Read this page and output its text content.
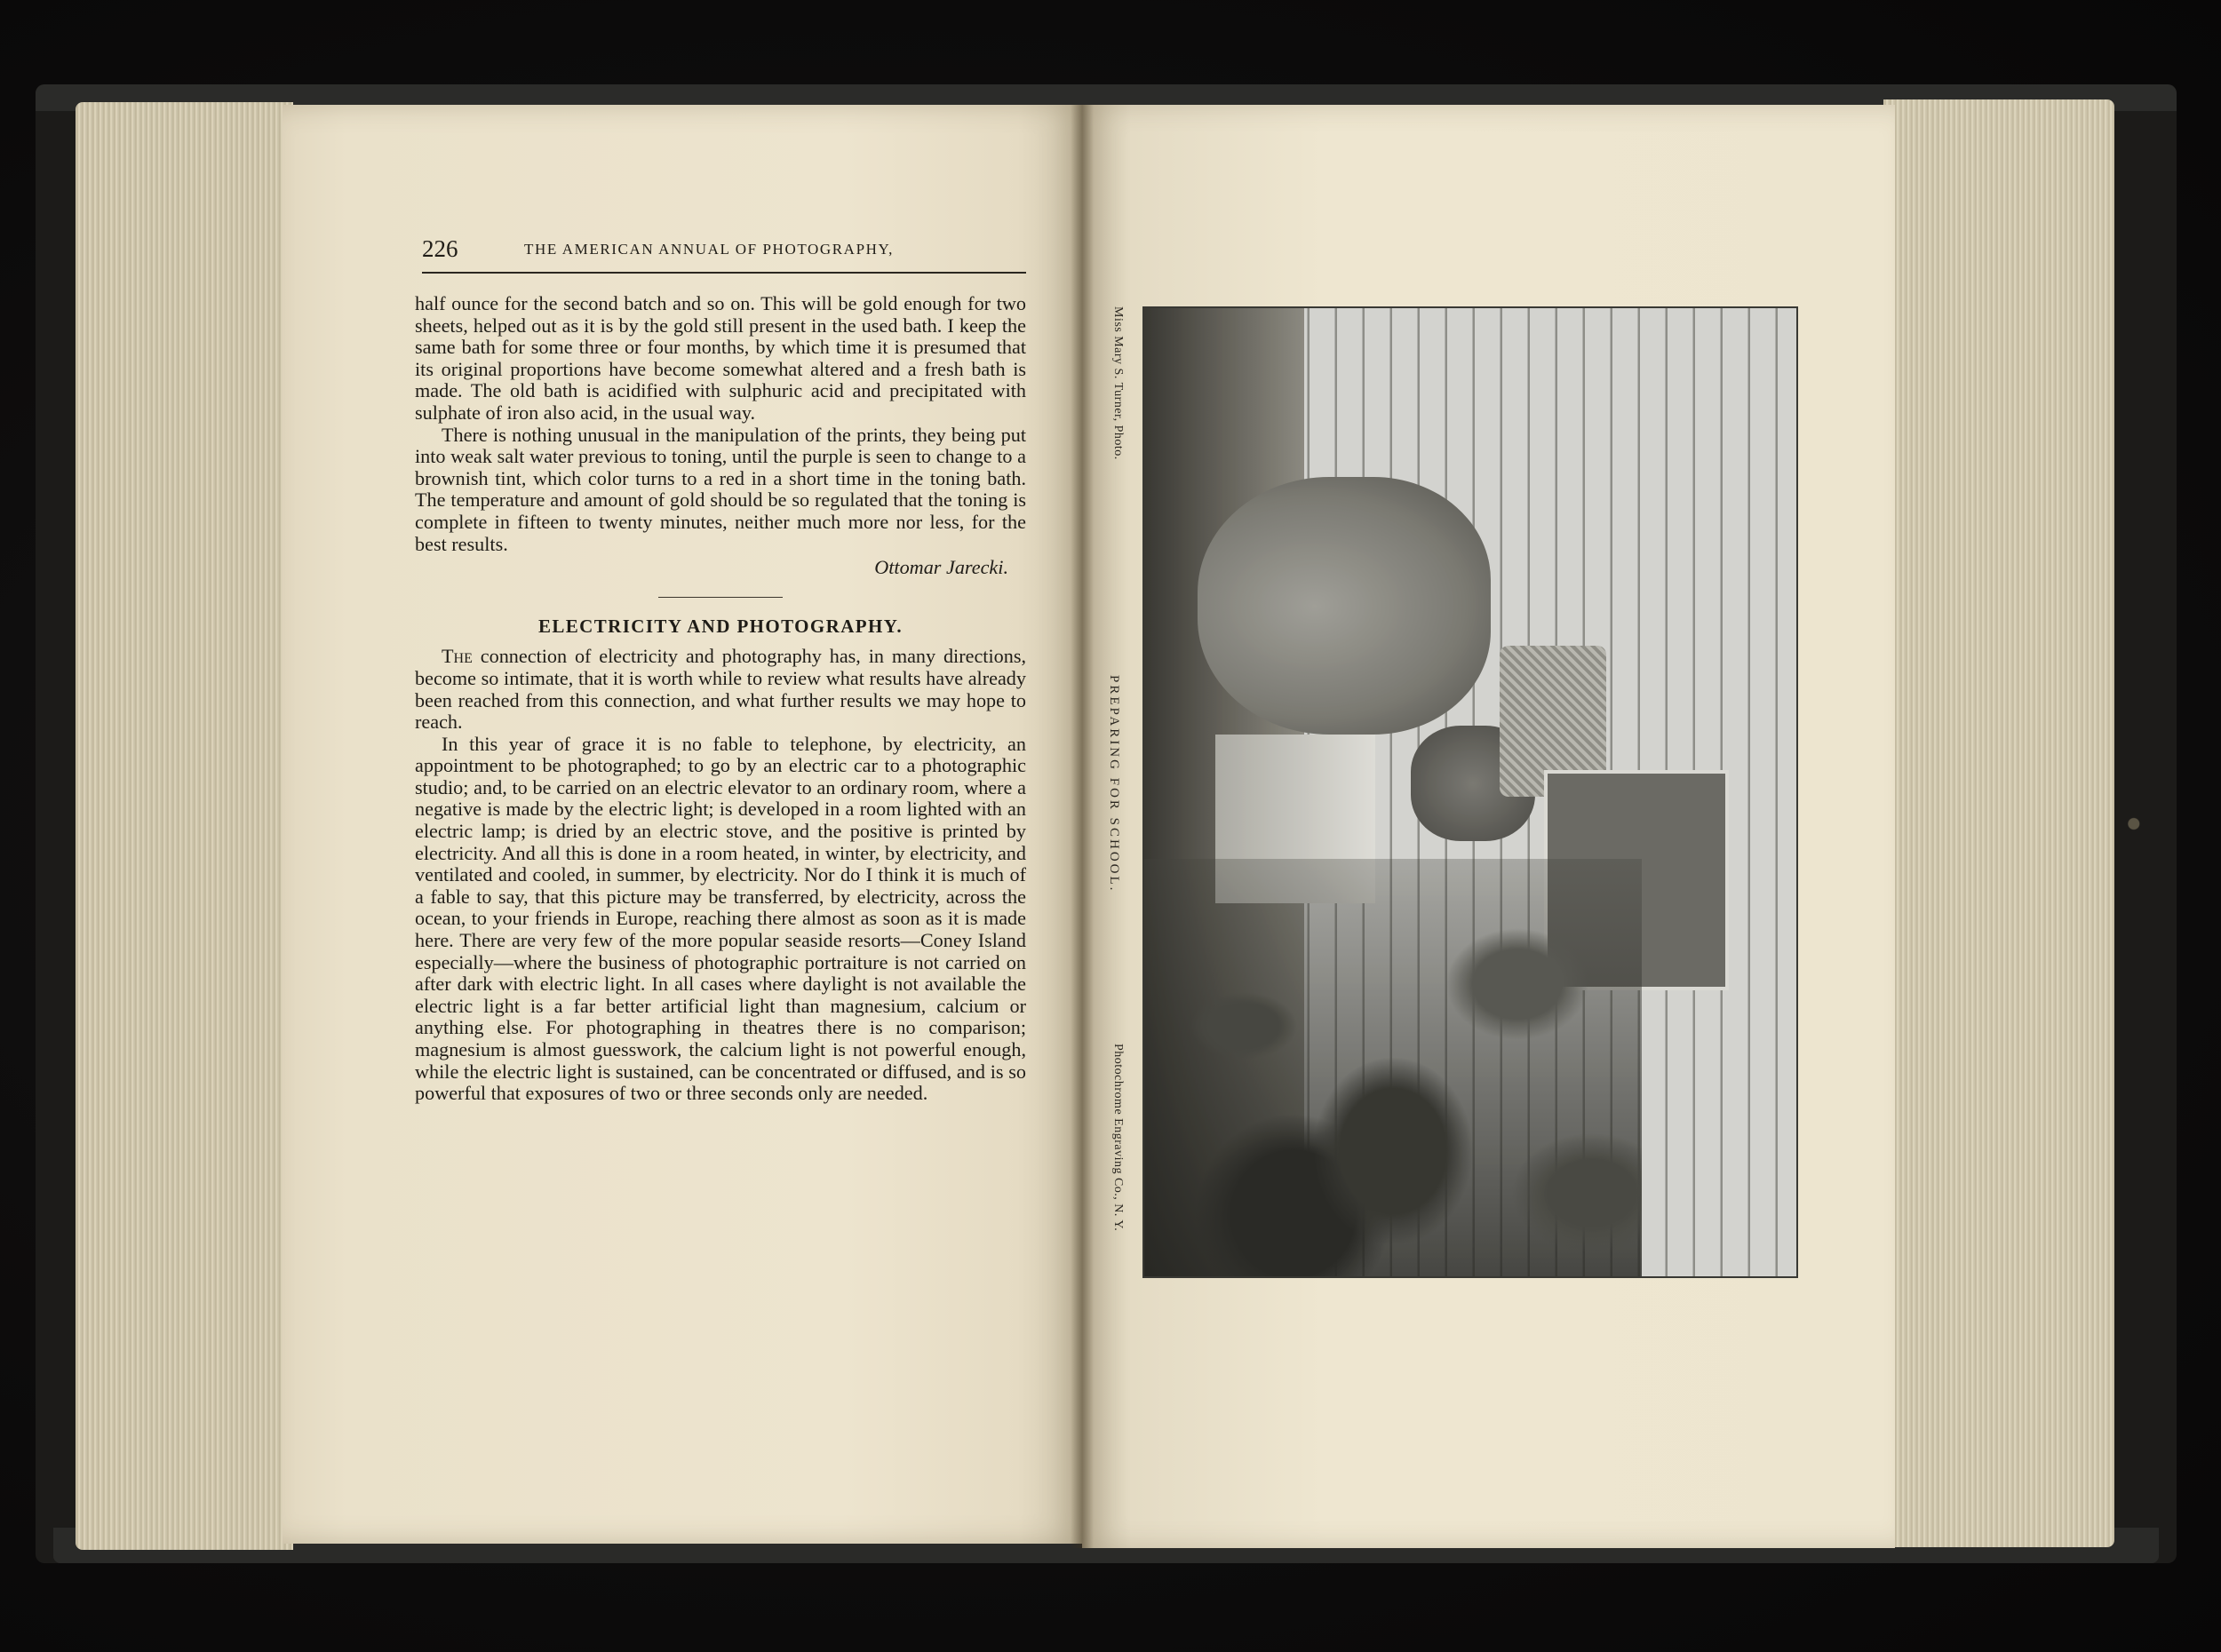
226	THE AMERICAN ANNUAL OF PHOTOGRAPHY,

half ounce for the second batch and so on. This will be gold enough for two sheets, helped out as it is by the gold still present in the used bath. I keep the same bath for some three or four months, by which time it is presumed that its original proportions have become somewhat altered and a fresh bath is made. The old bath is acidified with sulphuric acid and precipitated with sulphate of iron also acid, in the usual way.

There is nothing unusual in the manipulation of the prints, they being put into weak salt water previous to toning, until the purple is seen to change to a brownish tint, which color turns to a red in a short time in the toning bath. The temperature and amount of gold should be so regulated that the toning is complete in fifteen to twenty minutes, neither much more nor less, for the best results.

Ottomar Jarecki.
ELECTRICITY AND PHOTOGRAPHY.

The connection of electricity and photography has, in many directions, become so intimate, that it is worth while to review what results have already been reached from this connection, and what further results we may hope to reach.

In this year of grace it is no fable to telephone, by electricity, an appointment to be photographed; to go by an electric car to a photographic studio; and, to be carried on an electric elevator to an ordinary room, where a negative is made by the electric light; is developed in a room lighted with an electric lamp; is dried by an electric stove, and the positive is printed by electricity. And all this is done in a room heated, in winter, by electricity, and ventilated and cooled, in summer, by electricity. Nor do I think it is much of a fable to say, that this picture may be transferred, by electricity, across the ocean, to your friends in Europe, reaching there almost as soon as it is made here. There are very few of the more popular seaside resorts—Coney Island especially—where the business of photographic portraiture is not carried on after dark with electric light. In all cases where daylight is not available the electric light is a far better artificial light than magnesium, calcium or anything else. For photographing in theatres there is no comparison; magnesium is almost guesswork, the calcium light is not powerful enough, while the electric light is sustained, can be concentrated or diffused, and is so powerful that exposures of two or three seconds only are needed.

Miss Mary S. Turner, Photo.
PREPARING FOR SCHOOL.
Photochrome Engraving Co., N. Y.
